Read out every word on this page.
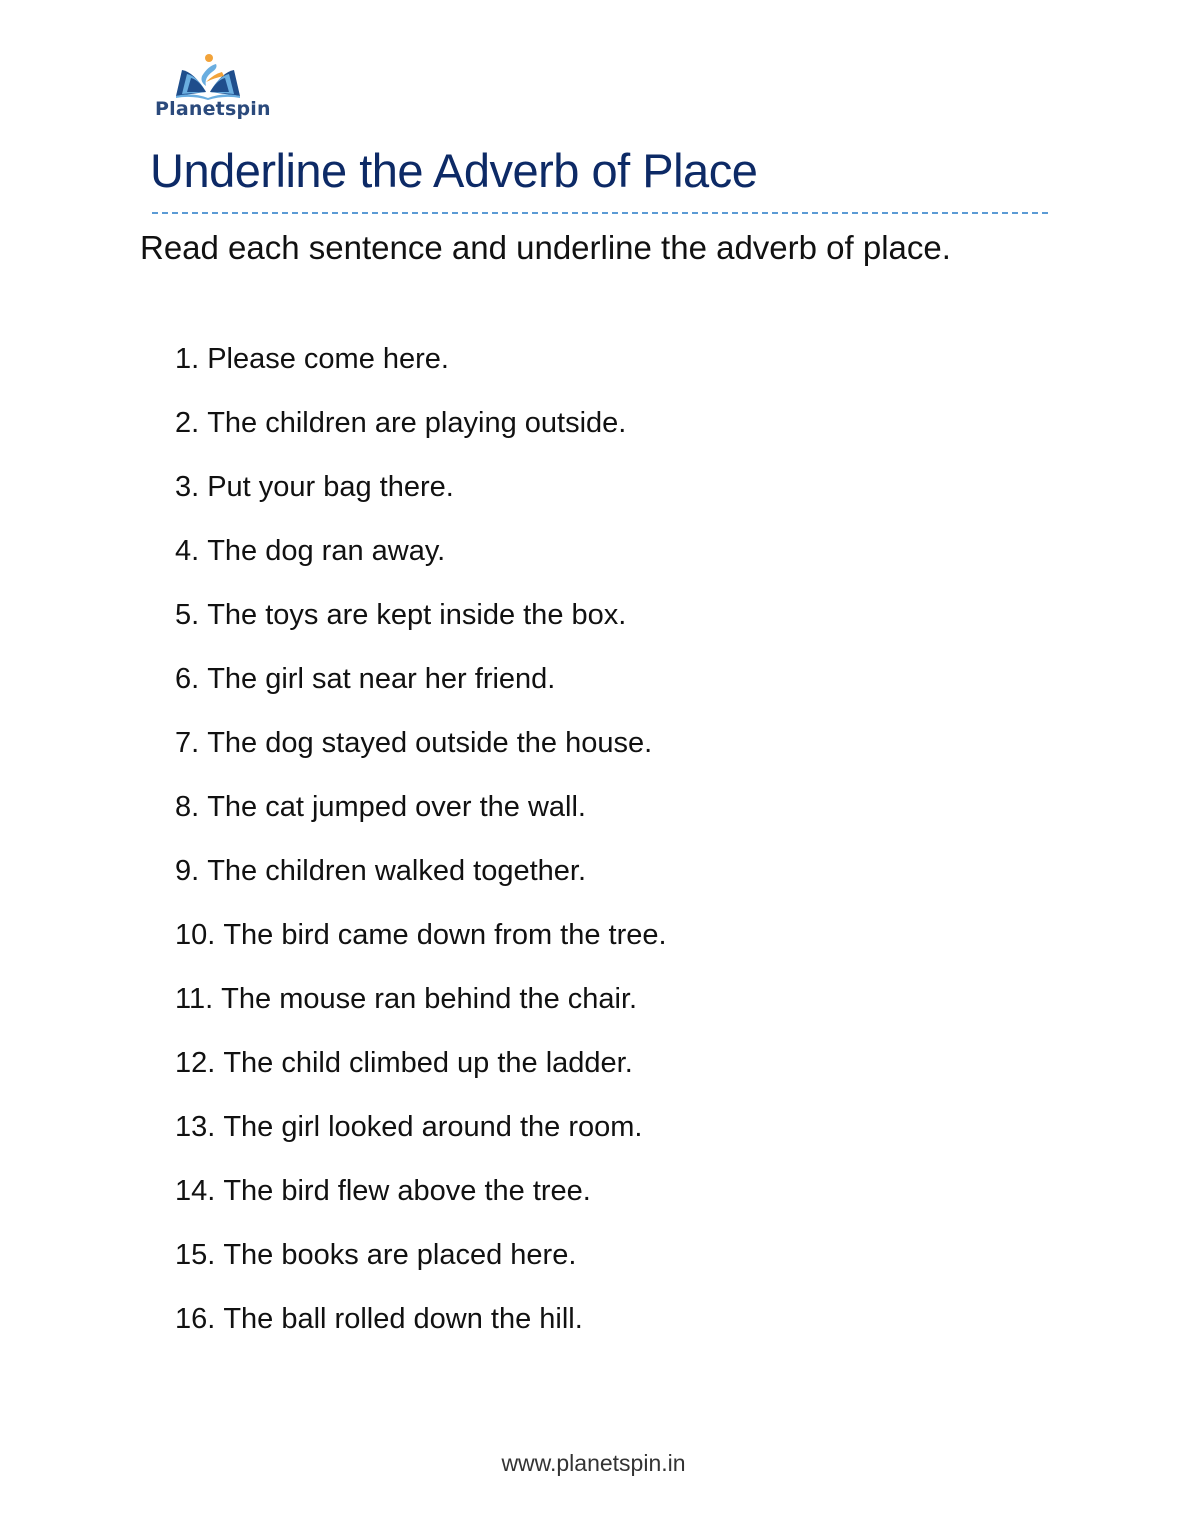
Planetspin
Underline the Adverb of Place

Read each sentence and underline the adverb of place.

1. Please come here.
2. The children are playing outside.
3. Put your bag there.
4. The dog ran away.
5. The toys are kept inside the box.
6. The girl sat near her friend.
7. The dog stayed outside the house.
8. The cat jumped over the wall.
9. The children walked together.
10. The bird came down from the tree.
11. The mouse ran behind the chair.
12. The child climbed up the ladder.
13. The girl looked around the room.
14. The bird flew above the tree.
15. The books are placed here.
16. The ball rolled down the hill.
www.planetspin.in
